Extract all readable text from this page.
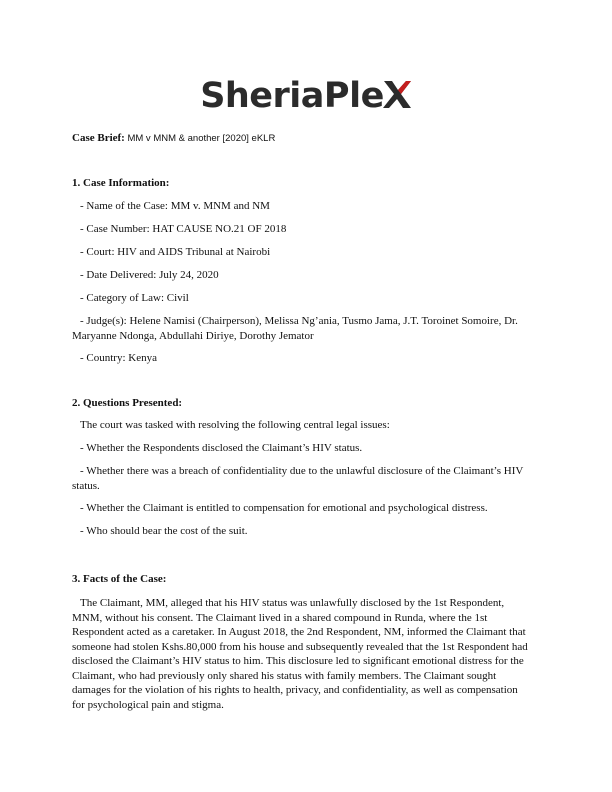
SheriaPle
Case Brief: MM v MNM & another [2020] eKLR

1. Case Information:

- Name of the Case: MM v. MNM and NM

- Case Number: HAT CAUSE NO.21 OF 2018

- Court: HIV and AIDS Tribunal at Nairobi

- Date Delivered: July 24, 2020

- Category of Law: Civil

- Judge(s): Helene Namisi (Chairperson), Melissa Ng’ania, Tusmo Jama, J.T. Toroinet Somoire, Dr. Maryanne Ndonga, Abdullahi Diriye, Dorothy Jemator

- Country: Kenya

2. Questions Presented:

The court was tasked with resolving the following central legal issues:

- Whether the Respondents disclosed the Claimant’s HIV status.

- Whether there was a breach of confidentiality due to the unlawful disclosure of the Claimant’s HIV status.

- Whether the Claimant is entitled to compensation for emotional and psychological distress.

- Who should bear the cost of the suit.

3. Facts of the Case:

The Claimant, MM, alleged that his HIV status was unlawfully disclosed by the 1st Respondent, MNM, without his consent. The Claimant lived in a shared compound in Runda, where the 1st Respondent acted as a caretaker. In August 2018, the 2nd Respondent, NM, informed the Claimant that someone had stolen Kshs.80,000 from his house and subsequently revealed that the 1st Respondent had disclosed the Claimant’s HIV status to him. This disclosure led to significant emotional distress for the Claimant, who had previously only shared his status with family members. The Claimant sought damages for the violation of his rights to health, privacy, and confidentiality, as well as compensation for psychological pain and stigma.
